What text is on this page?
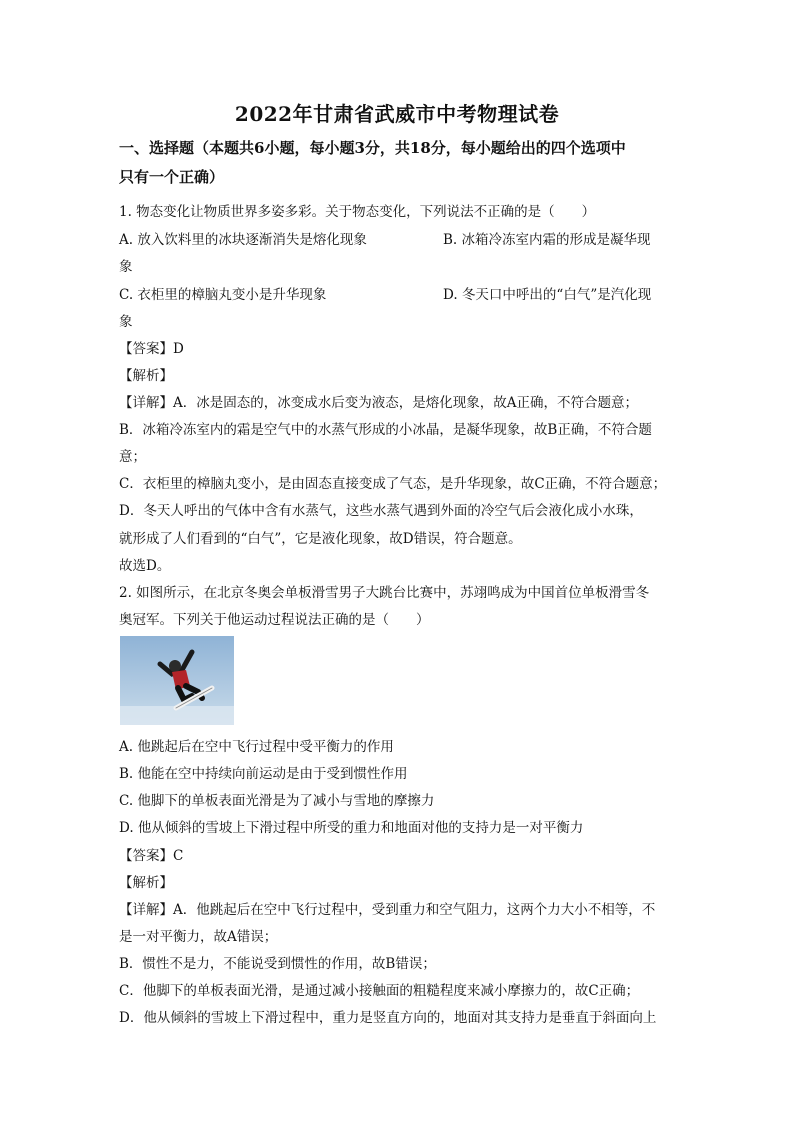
2022年甘肃省武威市中考物理试卷
一、选择题（本题共6小题，每小题3分，共18分，每小题给出的四个选项中
只有一个正确）
1. 物态变化让物质世界多姿多彩。关于物态变化，下列说法不正确的是（　　）
A. 放入饮料里的冰块逐渐消失是熔化现象	B. 冰箱冷冻室内霜的形成是凝华现
象
C. 衣柜里的樟脑丸变小是升华现象	D. 冬天口中呼出的“白气”是汽化现
象
【答案】D
【解析】
【详解】A．冰是固态的，冰变成水后变为液态，是熔化现象，故A正确，不符合题意；
B．冰箱冷冻室内的霜是空气中的水蒸气形成的小冰晶，是凝华现象，故B正确，不符合题
意；
C．衣柜里的樟脑丸变小，是由固态直接变成了气态，是升华现象，故C正确，不符合题意；
D．冬天人呼出的气体中含有水蒸气，这些水蒸气遇到外面的冷空气后会液化成小水珠，
就形成了人们看到的“白气”，它是液化现象，故D错误，符合题意。
故选D。
2. 如图所示，在北京冬奥会单板滑雪男子大跳台比赛中，苏翊鸣成为中国首位单板滑雪冬
奥冠军。下列关于他运动过程说法正确的是（　　）
A. 他跳起后在空中飞行过程中受平衡力的作用
B. 他能在空中持续向前运动是由于受到惯性作用
C. 他脚下的单板表面光滑是为了减小与雪地的摩擦力
D. 他从倾斜的雪坡上下滑过程中所受的重力和地面对他的支持力是一对平衡力
【答案】C
【解析】
【详解】A．他跳起后在空中飞行过程中，受到重力和空气阻力，这两个力大小不相等，不
是一对平衡力，故A错误；
B．惯性不是力，不能说受到惯性的作用，故B错误；
C．他脚下的单板表面光滑，是通过减小接触面的粗糙程度来减小摩擦力的，故C正确；
D．他从倾斜的雪坡上下滑过程中，重力是竖直方向的，地面对其支持力是垂直于斜面向上
